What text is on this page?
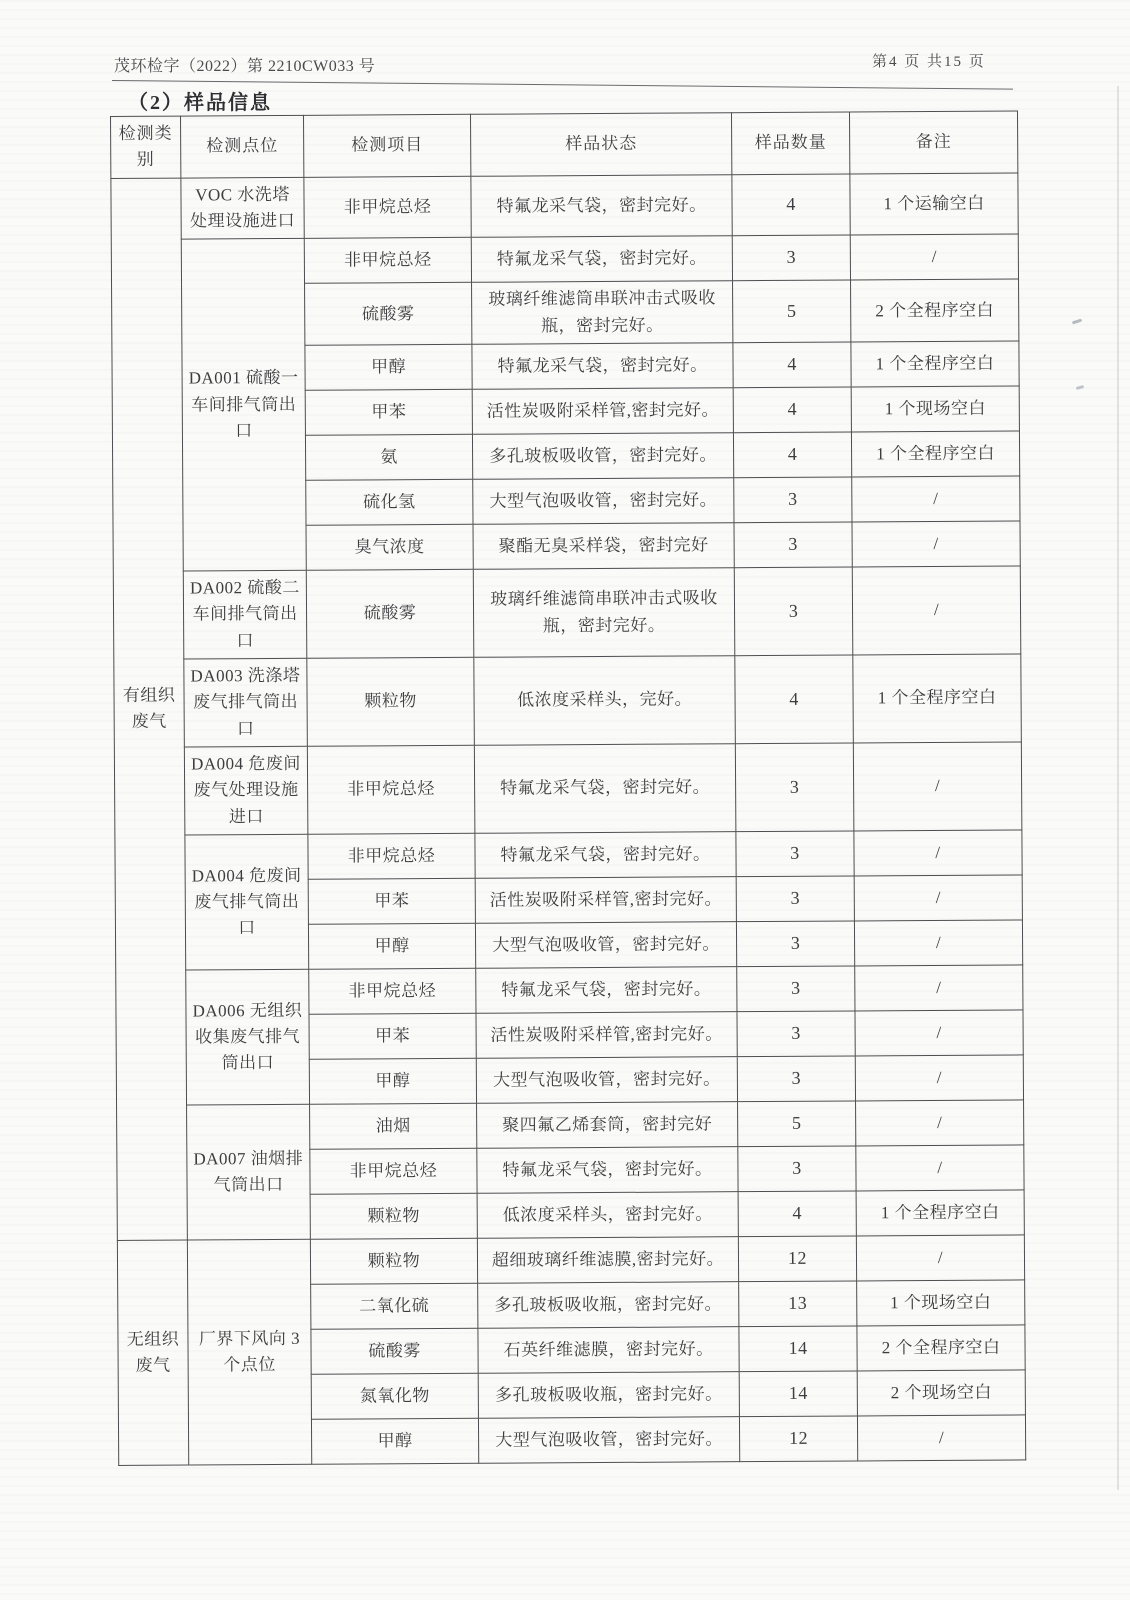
茂环检字（2022）第 2210CW033 号	第4 页 共15 页
（2）样品信息
检测类别	检测点位	检测项目	样品状态	样品数量	备注
有组织废气	VOC 水洗塔处理设施进口	非甲烷总烃	特氟龙采气袋，密封完好。	4	1 个运输空白
	DA001 硫酸一车间排气筒出口	非甲烷总烃	特氟龙采气袋，密封完好。	3	/
		硫酸雾	玻璃纤维滤筒串联冲击式吸收瓶，密封完好。	5	2 个全程序空白
		甲醇	特氟龙采气袋，密封完好。	4	1 个全程序空白
		甲苯	活性炭吸附采样管,密封完好。	4	1 个现场空白
		氨	多孔玻板吸收管，密封完好。	4	1 个全程序空白
		硫化氢	大型气泡吸收管，密封完好。	3	/
		臭气浓度	聚酯无臭采样袋，密封完好	3	/
	DA002 硫酸二车间排气筒出口	硫酸雾	玻璃纤维滤筒串联冲击式吸收瓶，密封完好。	3	/
	DA003 洗涤塔废气排气筒出口	颗粒物	低浓度采样头，完好。	4	1 个全程序空白
	DA004 危废间废气处理设施进口	非甲烷总烃	特氟龙采气袋，密封完好。	3	/
	DA004 危废间废气排气筒出口	非甲烷总烃	特氟龙采气袋，密封完好。	3	/
		甲苯	活性炭吸附采样管,密封完好。	3	/
		甲醇	大型气泡吸收管，密封完好。	3	/
	DA006 无组织收集废气排气筒出口	非甲烷总烃	特氟龙采气袋，密封完好。	3	/
		甲苯	活性炭吸附采样管,密封完好。	3	/
		甲醇	大型气泡吸收管，密封完好。	3	/
	DA007 油烟排气筒出口	油烟	聚四氟乙烯套筒，密封完好	5	/
		非甲烷总烃	特氟龙采气袋，密封完好。	3	/
		颗粒物	低浓度采样头，密封完好。	4	1 个全程序空白
无组织废气	厂界下风向 3 个点位	颗粒物	超细玻璃纤维滤膜,密封完好。	12	/
		二氧化硫	多孔玻板吸收瓶，密封完好。	13	1 个现场空白
		硫酸雾	石英纤维滤膜，密封完好。	14	2 个全程序空白
		氮氧化物	多孔玻板吸收瓶，密封完好。	14	2 个现场空白
		甲醇	大型气泡吸收管，密封完好。	12	/
